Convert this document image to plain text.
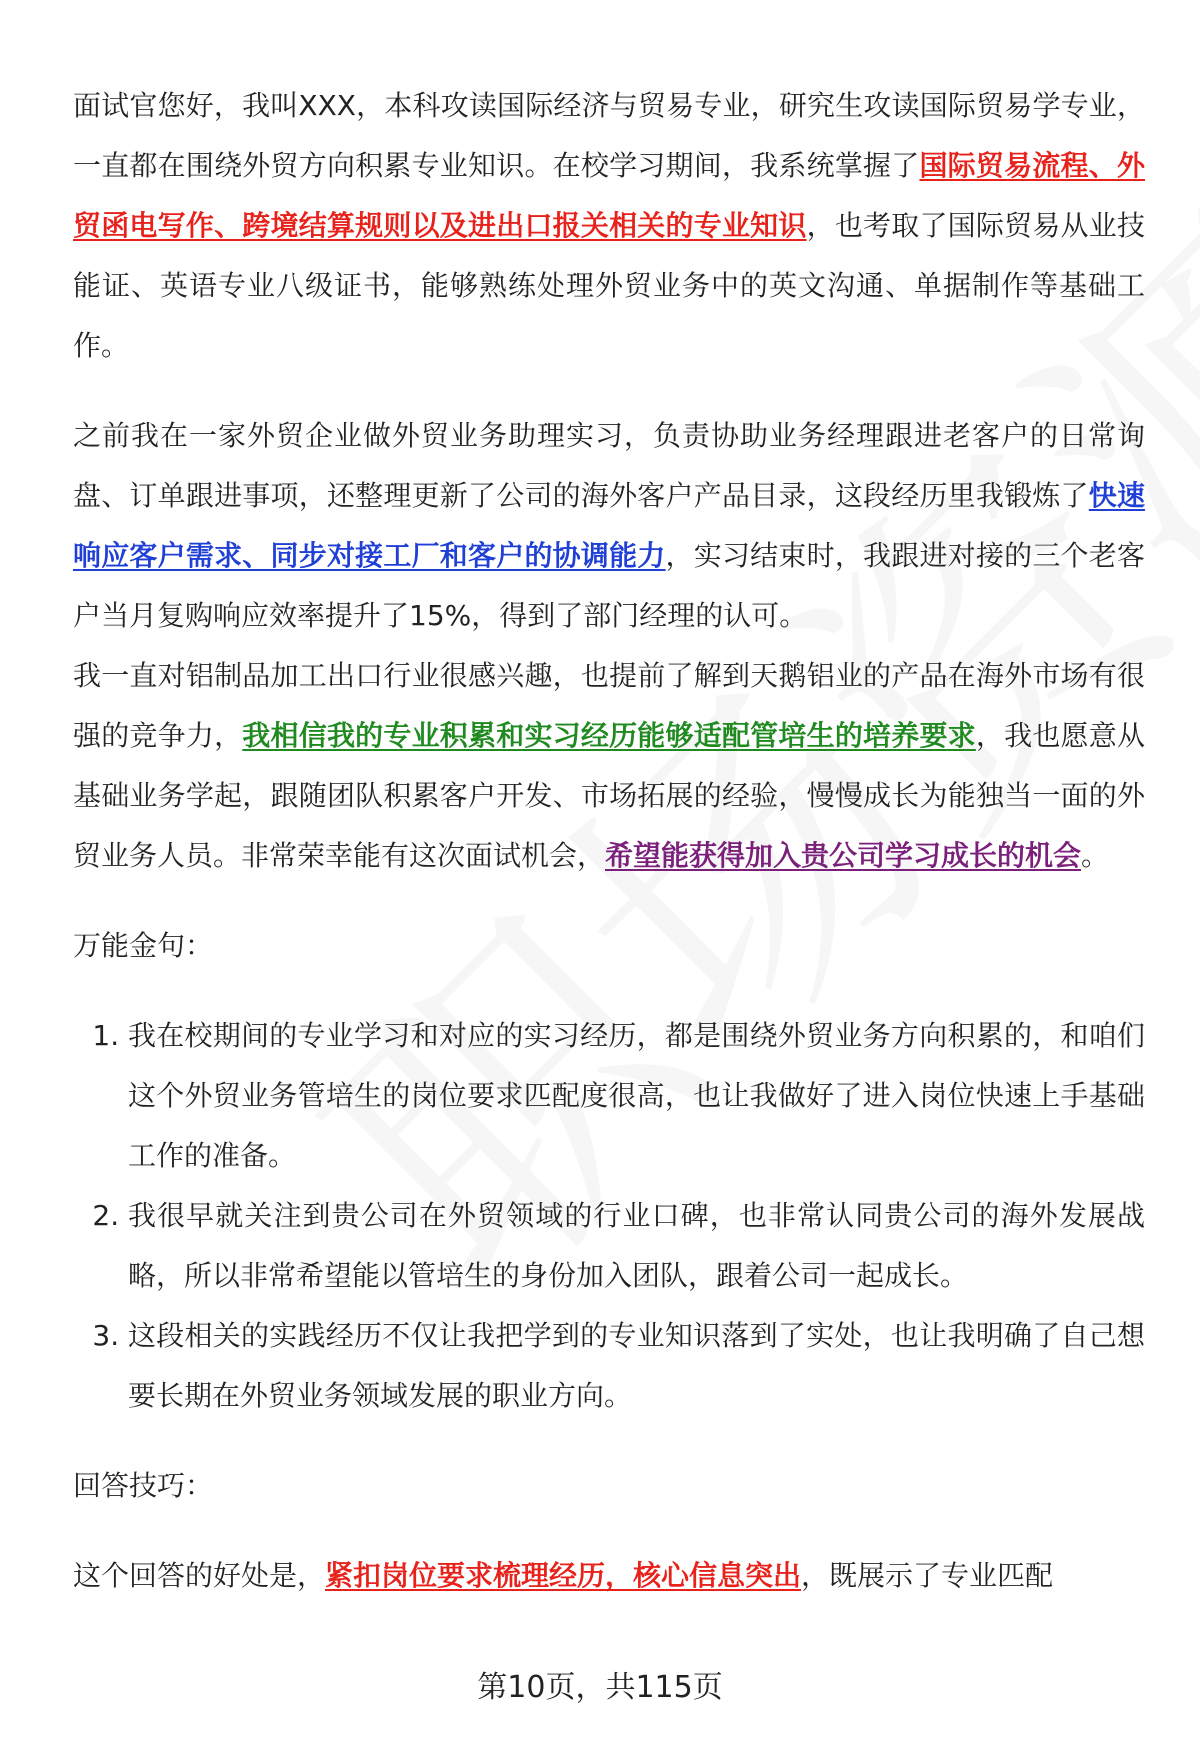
面试官您好，我叫XXX，本科攻读国际经济与贸易专业，研究生攻读国际贸易学专业，一直都在围绕外贸方向积累专业知识。在校学习期间，我系统掌握了国际贸易流程、外贸函电写作、跨境结算规则以及进出口报关相关的专业知识，也考取了国际贸易从业技能证、英语专业八级证书，能够熟练处理外贸业务中的英文沟通、单据制作等基础工作。

之前我在一家外贸企业做外贸业务助理实习，负责协助业务经理跟进老客户的日常询盘、订单跟进事项，还整理更新了公司的海外客户产品目录，这段经历里我锻炼了快速响应客户需求、同步对接工厂和客户的协调能力，实习结束时，我跟进对接的三个老客户当月复购响应效率提升了15%，得到了部门经理的认可。

我一直对铝制品加工出口行业很感兴趣，也提前了解到天鹅铝业的产品在海外市场有很强的竞争力，我相信我的专业积累和实习经历能够适配管培生的培养要求，我也愿意从基础业务学起，跟随团队积累客户开发、市场拓展的经验，慢慢成长为能独当一面的外贸业务人员。非常荣幸能有这次面试机会，希望能获得加入贵公司学习成长的机会。

万能金句：

1. 我在校期间的专业学习和对应的实习经历，都是围绕外贸业务方向积累的，和咱们这个外贸业务管培生的岗位要求匹配度很高，也让我做好了进入岗位快速上手基础工作的准备。
2. 我很早就关注到贵公司在外贸领域的行业口碑，也非常认同贵公司的海外发展战略，所以非常希望能以管培生的身份加入团队，跟着公司一起成长。
3. 这段相关的实践经历不仅让我把学到的专业知识落到了实处，也让我明确了自己想要长期在外贸业务领域发展的职业方向。

回答技巧：

这个回答的好处是，紧扣岗位要求梳理经历，核心信息突出，既展示了专业匹配

第10页，共115页
